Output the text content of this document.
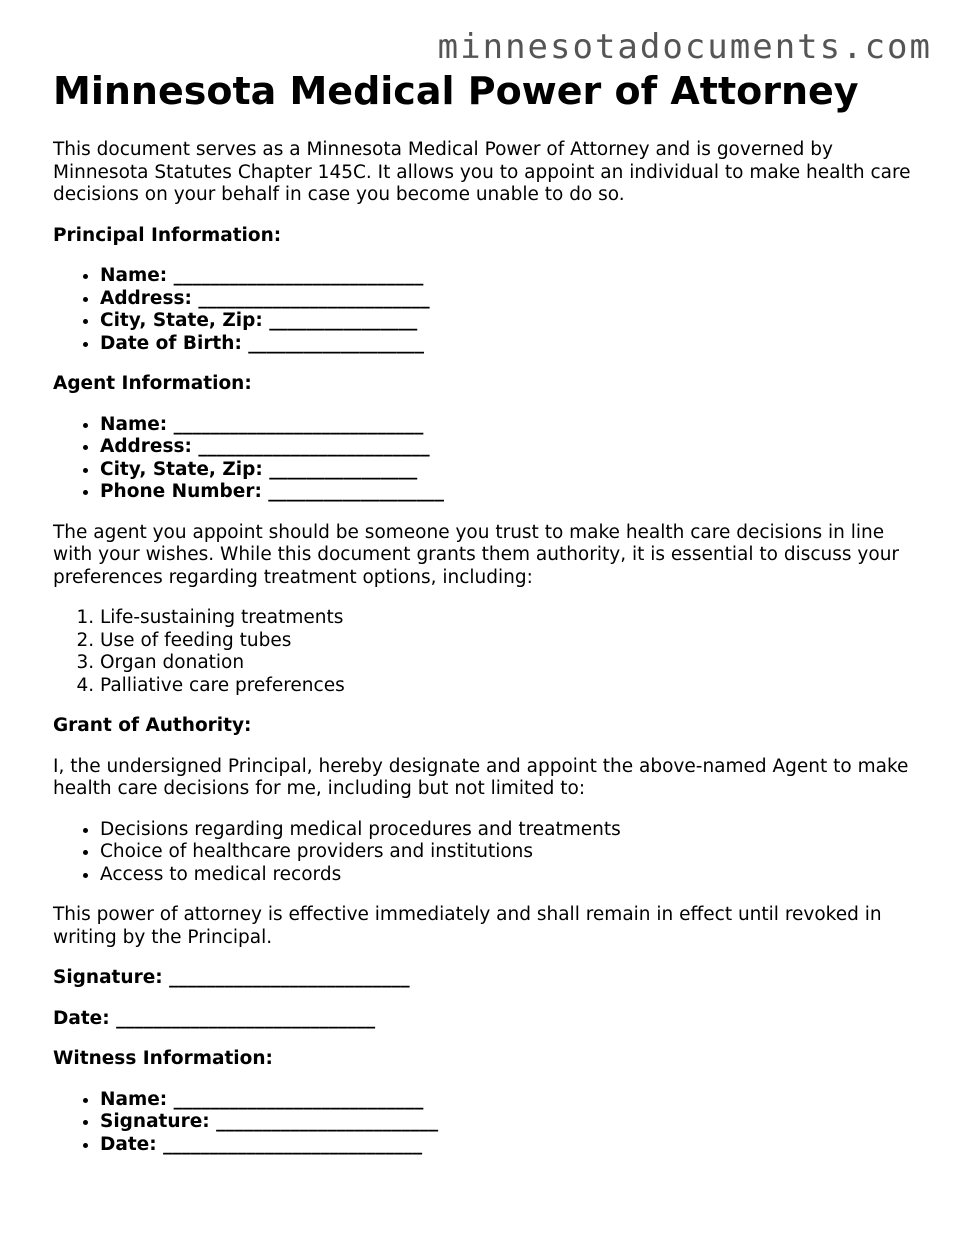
minnesotadocuments.com
Minnesota Medical Power of Attorney

This document serves as a Minnesota Medical Power of Attorney and is governed by Minnesota Statutes Chapter 145C. It allows you to appoint an individual to make health care decisions on your behalf in case you become unable to do so.

Principal Information:

• Name: ___________________________
• Address: _________________________
• City, State, Zip: ________________
• Date of Birth: ___________________

Agent Information:

• Name: ___________________________
• Address: _________________________
• City, State, Zip: ________________
• Phone Number: ___________________

The agent you appoint should be someone you trust to make health care decisions in line with your wishes. While this document grants them authority, it is essential to discuss your preferences regarding treatment options, including:

1. Life-sustaining treatments
2. Use of feeding tubes
3. Organ donation
4. Palliative care preferences

Grant of Authority:

I, the undersigned Principal, hereby designate and appoint the above-named Agent to make health care decisions for me, including but not limited to:

• Decisions regarding medical procedures and treatments
• Choice of healthcare providers and institutions
• Access to medical records

This power of attorney is effective immediately and shall remain in effect until revoked in writing by the Principal.

Signature: __________________________

Date: ____________________________

Witness Information:

• Name: ___________________________
• Signature: ________________________
• Date: ____________________________
